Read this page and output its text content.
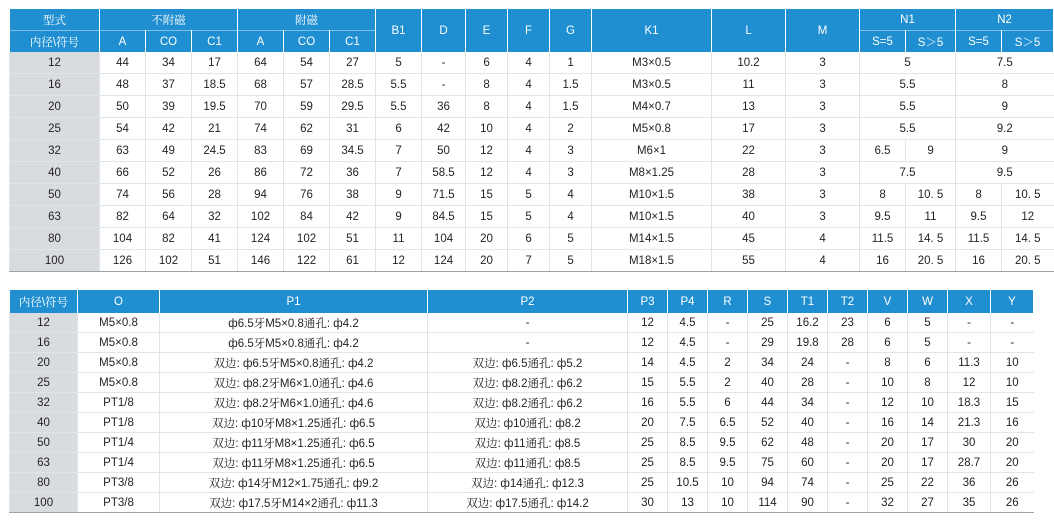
型式	不附磁			附磁			B1	D	E	F	G	K1	L	M	N1		N2	
内径\符号	A	CO	C1	A	CO	C1									S=5	S＞5	S=5	S＞5
12	44	34	17	64	54	27	5	-	6	4	1	M3×0.5	10.2	3	5		7.5	
16	48	37	18.5	68	57	28.5	5.5	-	8	4	1.5	M3×0.5	11	3	5.5		8	
20	50	39	19.5	70	59	29.5	5.5	36	8	4	1.5	M4×0.7	13	3	5.5		9	
25	54	42	21	74	62	31	6	42	10	4	2	M5×0.8	17	3	5.5		9.2	
32	63	49	24.5	83	69	34.5	7	50	12	4	3	M6×1	22	3	6.5	9	9	
40	66	52	26	86	72	36	7	58.5	12	4	3	M8×1.25	28	3	7.5		9.5	
50	74	56	28	94	76	38	9	71.5	15	5	4	M10×1.5	38	3	8	10. 5	8	10. 5
63	82	64	32	102	84	42	9	84.5	15	5	4	M10×1.5	40	3	9.5	11	9.5	12
80	104	82	41	124	102	51	11	104	20	6	5	M14×1.5	45	4	11.5	14. 5	11.5	14. 5
100	126	102	51	146	122	61	12	124	20	7	5	M18×1.5	55	4	16	20. 5	16	20. 5
内径\符号	O	P1	P2	P3	P4	R	S	T1	T2	V	W	X	Y
12	M5×0.8	ф6.5牙M5×0.8通孔: ф4.2	-	12	4.5	-	25	16.2	23	6	5	-	-
16	M5×0.8	ф6.5牙M5×0.8通孔: ф4.2	-	12	4.5	-	29	19.8	28	6	5	-	-
20	M5×0.8	双边: ф6.5牙M5×0.8通孔: ф4.2	双边: ф6.5通孔: ф5.2	14	4.5	2	34	24	-	8	6	11.3	10
25	M5×0.8	双边: ф8.2牙M6×1.0通孔: ф4.6	双边: ф8.2通孔: ф6.2	15	5.5	2	40	28	-	10	8	12	10
32	PT1/8	双边: ф8.2牙M6×1.0通孔: ф4.6	双边: ф8.2通孔: ф6.2	16	5.5	6	44	34	-	12	10	18.3	15
40	PT1/8	双边: ф10牙M8×1.25通孔: ф6.5	双边: ф10通孔: ф8.2	20	7.5	6.5	52	40	-	16	14	21.3	16
50	PT1/4	双边: ф11牙M8×1.25通孔: ф6.5	双边: ф11通孔: ф8.5	25	8.5	9.5	62	48	-	20	17	30	20
63	PT1/4	双边: ф11牙M8×1.25通孔: ф6.5	双边: ф11通孔: ф8.5	25	8.5	9.5	75	60	-	20	17	28.7	20
80	PT3/8	双边: ф14牙M12×1.75通孔: ф9.2	双边: ф14通孔: ф12.3	25	10.5	10	94	74	-	25	22	36	26
100	PT3/8	双边: ф17.5牙M14×2通孔: ф11.3	双边: ф17.5通孔: ф14.2	30	13	10	114	90	-	32	27	35	26
